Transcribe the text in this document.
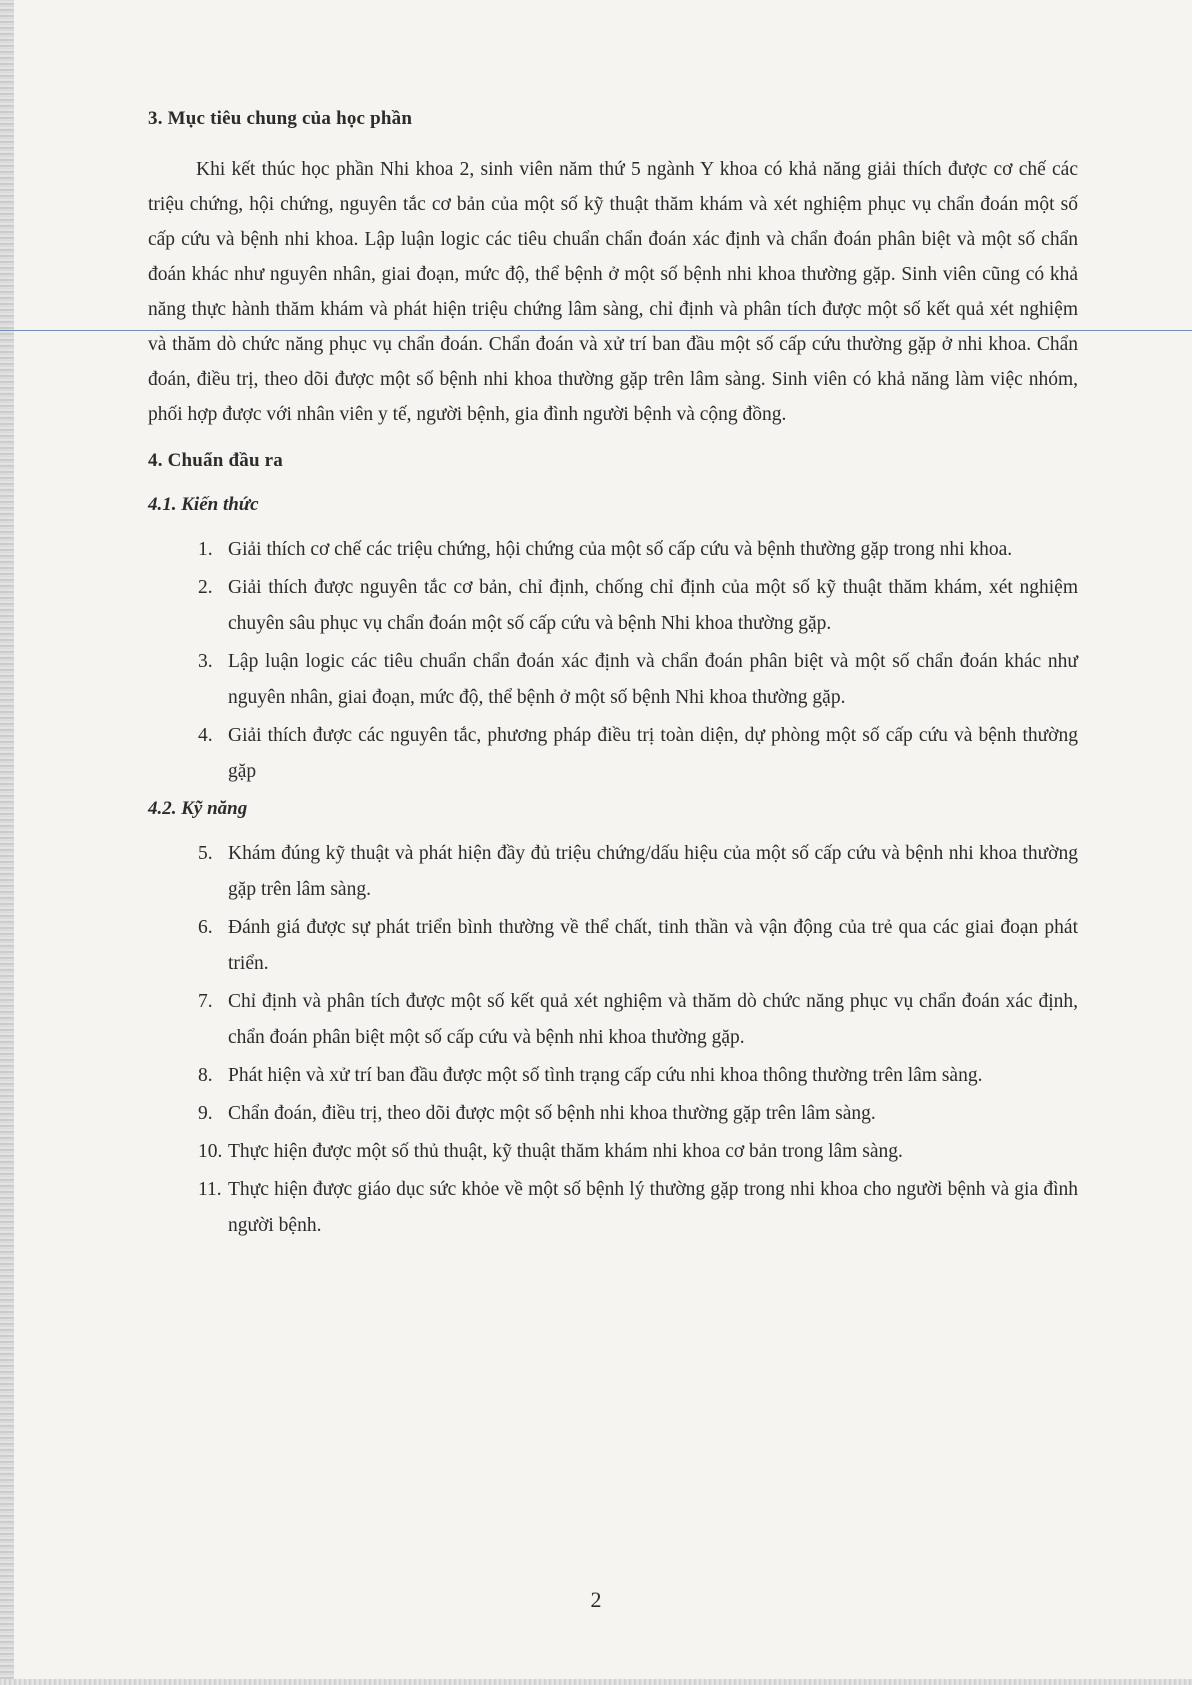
3. Mục tiêu chung của học phần

Khi kết thúc học phần Nhi khoa 2, sinh viên năm thứ 5 ngành Y khoa có khả năng giải thích được cơ chế các triệu chứng, hội chứng, nguyên tắc cơ bản của một số kỹ thuật thăm khám và xét nghiệm phục vụ chẩn đoán một số cấp cứu và bệnh nhi khoa. Lập luận logic các tiêu chuẩn chẩn đoán xác định và chẩn đoán phân biệt và một số chẩn đoán khác như nguyên nhân, giai đoạn, mức độ, thể bệnh ở một số bệnh nhi khoa thường gặp. Sinh viên cũng có khả năng thực hành thăm khám và phát hiện triệu chứng lâm sàng, chỉ định và phân tích được một số kết quả xét nghiệm và thăm dò chức năng phục vụ chẩn đoán. Chẩn đoán và xử trí ban đầu một số cấp cứu thường gặp ở nhi khoa. Chẩn đoán, điều trị, theo dõi được một số bệnh nhi khoa thường gặp trên lâm sàng. Sinh viên có khả năng làm việc nhóm, phối hợp được với nhân viên y tế, người bệnh, gia đình người bệnh và cộng đồng.

4. Chuẩn đầu ra
4.1. Kiến thức
1. Giải thích cơ chế các triệu chứng, hội chứng của một số cấp cứu và bệnh thường gặp trong nhi khoa.
2. Giải thích được nguyên tắc cơ bản, chỉ định, chống chỉ định của một số kỹ thuật thăm khám, xét nghiệm chuyên sâu phục vụ chẩn đoán một số cấp cứu và bệnh Nhi khoa thường gặp.
3. Lập luận logic các tiêu chuẩn chẩn đoán xác định và chẩn đoán phân biệt và một số chẩn đoán khác như nguyên nhân, giai đoạn, mức độ, thể bệnh ở một số bệnh Nhi khoa thường gặp.
4. Giải thích được các nguyên tắc, phương pháp điều trị toàn diện, dự phòng một số cấp cứu và bệnh thường gặp
4.2. Kỹ năng
5. Khám đúng kỹ thuật và phát hiện đầy đủ triệu chứng/dấu hiệu của một số cấp cứu và bệnh nhi khoa thường gặp trên lâm sàng.
6. Đánh giá được sự phát triển bình thường về thể chất, tinh thần và vận động của trẻ qua các giai đoạn phát triển.
7. Chỉ định và phân tích được một số kết quả xét nghiệm và thăm dò chức năng phục vụ chẩn đoán xác định, chẩn đoán phân biệt một số cấp cứu và bệnh nhi khoa thường gặp.
8. Phát hiện và xử trí ban đầu được một số tình trạng cấp cứu nhi khoa thông thường trên lâm sàng.
9. Chẩn đoán, điều trị, theo dõi được một số bệnh nhi khoa thường gặp trên lâm sàng.
10. Thực hiện được một số thủ thuật, kỹ thuật thăm khám nhi khoa cơ bản trong lâm sàng.
11. Thực hiện được giáo dục sức khỏe về một số bệnh lý thường gặp trong nhi khoa cho người bệnh và gia đình người bệnh.
2
